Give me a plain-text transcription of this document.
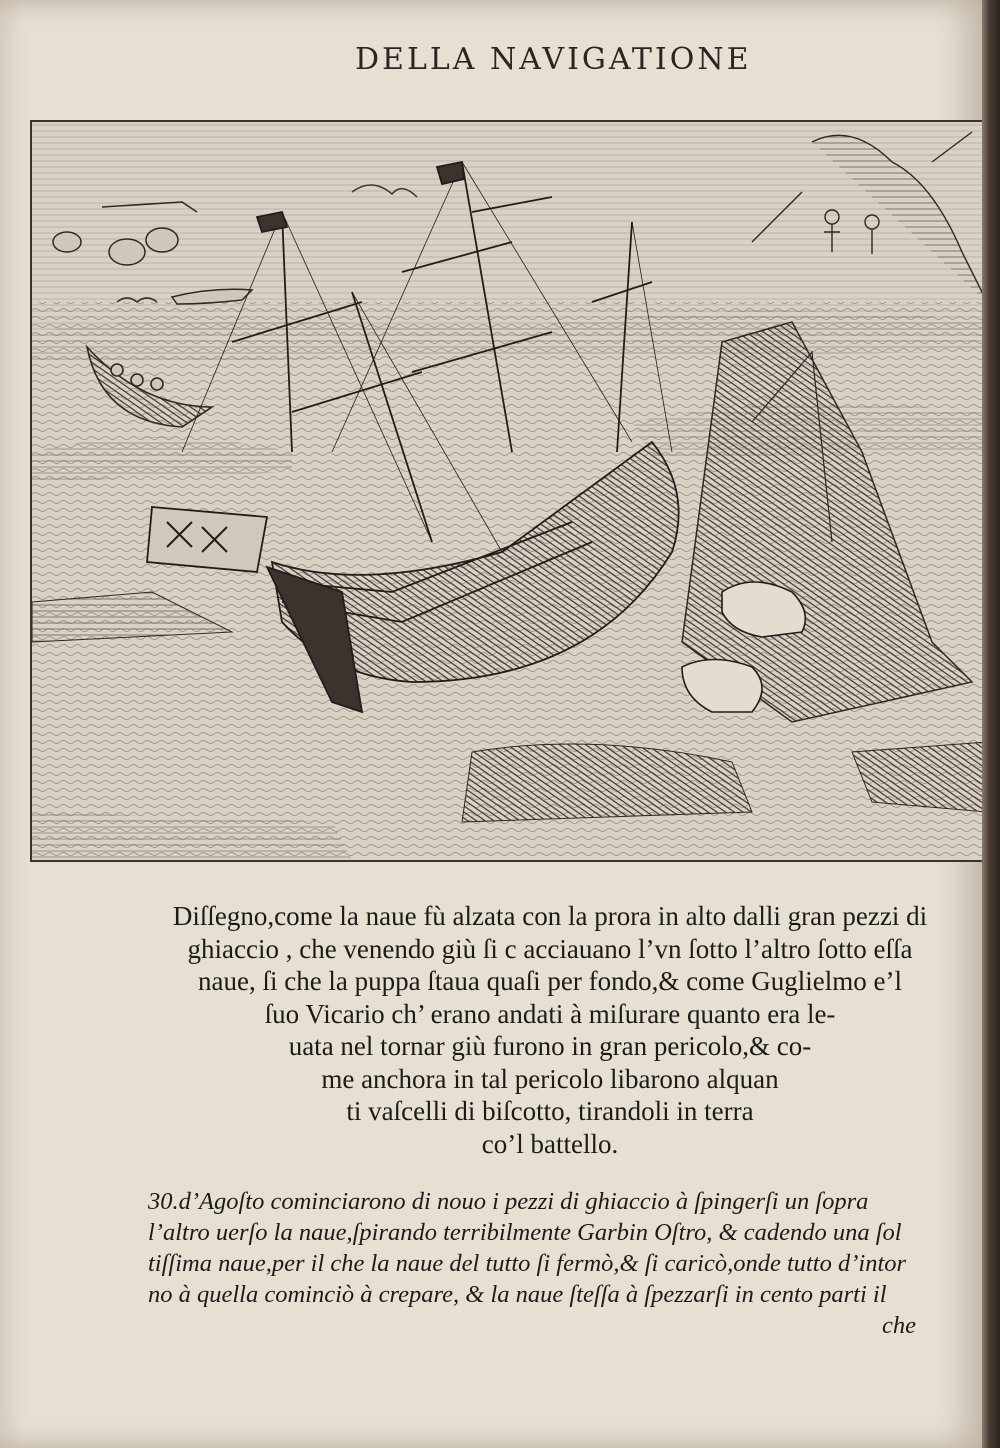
DELLA NAVIGATIONE
Diſſegno,come la naue fù alzata con la prora in alto dalli gran pezzi di
ghiaccio , che venendo giù ſi c acciauano l’vn ſotto l’altro ſotto eſſa
naue, ſi che la puppa ſtaua quaſi per fondo,& come Guglielmo e’l
ſuo Vicario ch’ erano andati à miſurare quanto era le-
uata nel tornar giù furono in gran pericolo,& co-
me anchora in tal pericolo libarono alquan
ti vaſcelli di biſcotto, tirandoli in terra
co’l battello.
30.d’Agoſto cominciarono di nouo i pezzi di ghiaccio à ſpingerſi un ſopra
l’altro uerſo la naue,ſpirando terribilmente Garbin Oſtro, & cadendo una ſol
tiſſima naue,per il che la naue del tutto ſi fermò,& ſi caricò,onde tutto d’intor
no à quella cominciò à crepare, & la naue ſteſſa à ſpezzarſi in cento parti il
che
